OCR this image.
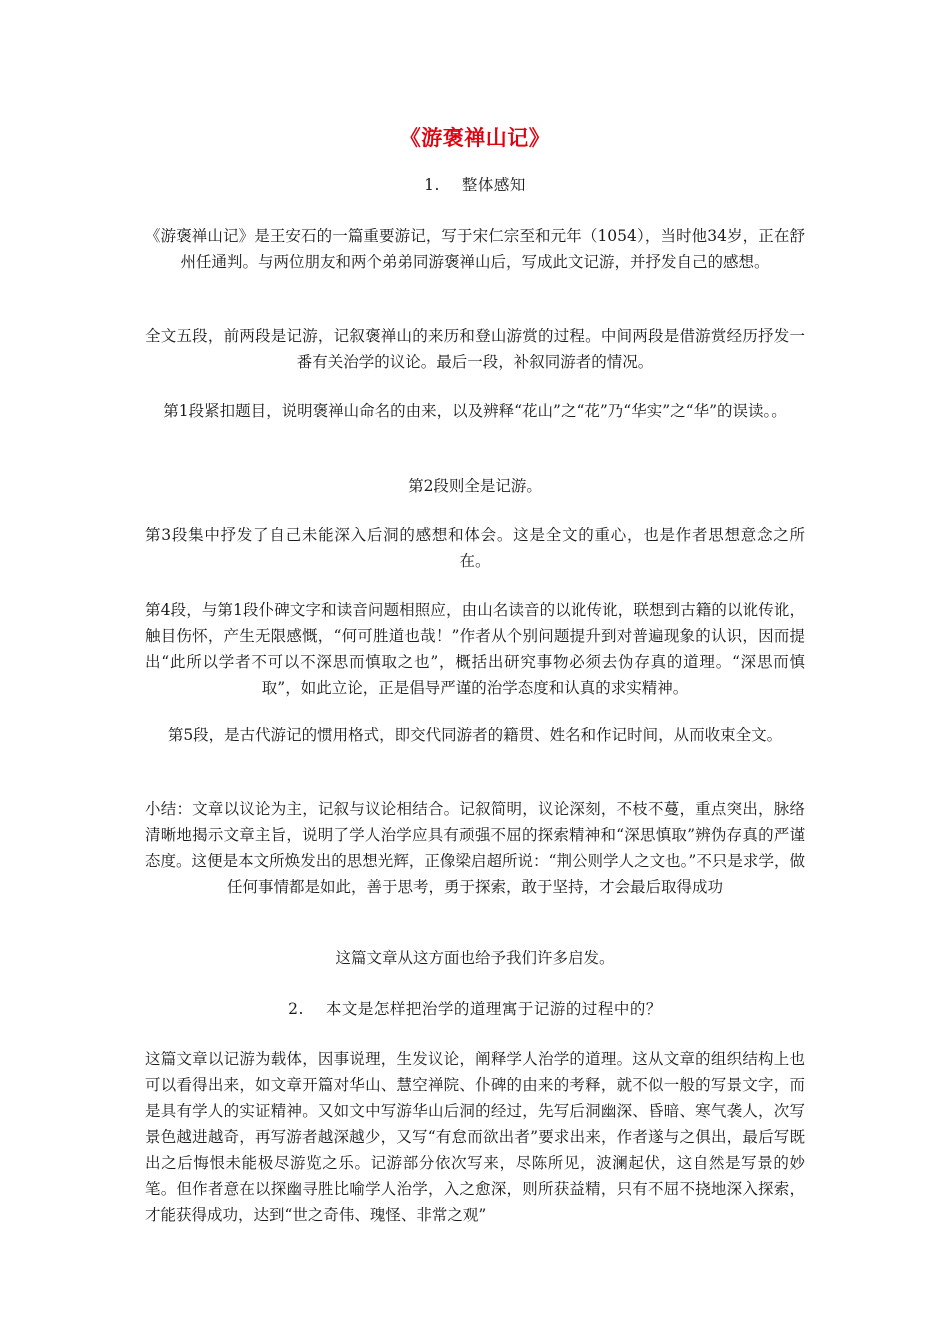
《游褒禅山记》
1. 整体感知
《游褒禅山记》是王安石的一篇重要游记，写于宋仁宗至和元年（1054），当时他34岁，正在舒州任通判。与两位朋友和两个弟弟同游褒禅山后，写成此文记游，并抒发自己的感想。
全文五段，前两段是记游，记叙褒禅山的来历和登山游赏的过程。中间两段是借游赏经历抒发一番有关治学的议论。最后一段，补叙同游者的情况。
第1段紧扣题目，说明褒禅山命名的由来，以及辨释“花山”之“花”乃“华实”之“华”的误读。。
第2段则全是记游。
第3段集中抒发了自己未能深入后洞的感想和体会。这是全文的重心，也是作者思想意念之所在。
第4段，与第1段仆碑文字和读音问题相照应，由山名读音的以讹传讹，联想到古籍的以讹传讹，触目伤怀，产生无限感慨，“何可胜道也哉！”作者从个别问题提升到对普遍现象的认识，因而提出“此所以学者不可以不深思而慎取之也”，概括出研究事物必须去伪存真的道理。“深思而慎取”，如此立论，正是倡导严谨的治学态度和认真的求实精神。
第5段，是古代游记的惯用格式，即交代同游者的籍贯、姓名和作记时间，从而收束全文。
小结：文章以议论为主，记叙与议论相结合。记叙简明，议论深刻，不枝不蔓，重点突出，脉络清晰地揭示文章主旨，说明了学人治学应具有顽强不屈的探索精神和“深思慎取”辨伪存真的严谨态度。这便是本文所焕发出的思想光辉，正像梁启超所说：“荆公则学人之文也。”不只是求学，做任何事情都是如此，善于思考，勇于探索，敢于坚持，才会最后取得成功
这篇文章从这方面也给予我们许多启发。
2. 本文是怎样把治学的道理寓于记游的过程中的？
这篇文章以记游为载体，因事说理，生发议论，阐释学人治学的道理。这从文章的组织结构上也可以看得出来，如文章开篇对华山、慧空禅院、仆碑的由来的考释，就不似一般的写景文字，而是具有学人的实证精神。又如文中写游华山后洞的经过，先写后洞幽深、昏暗、寒气袭人，次写景色越进越奇，再写游者越深越少，又写“有怠而欲出者”要求出来，作者遂与之俱出，最后写既出之后悔恨未能极尽游览之乐。记游部分依次写来，尽陈所见，波澜起伏，这自然是写景的妙笔。但作者意在以探幽寻胜比喻学人治学，入之愈深，则所获益精，只有不屈不挠地深入探索，才能获得成功，达到“世之奇伟、瑰怪、非常之观”
